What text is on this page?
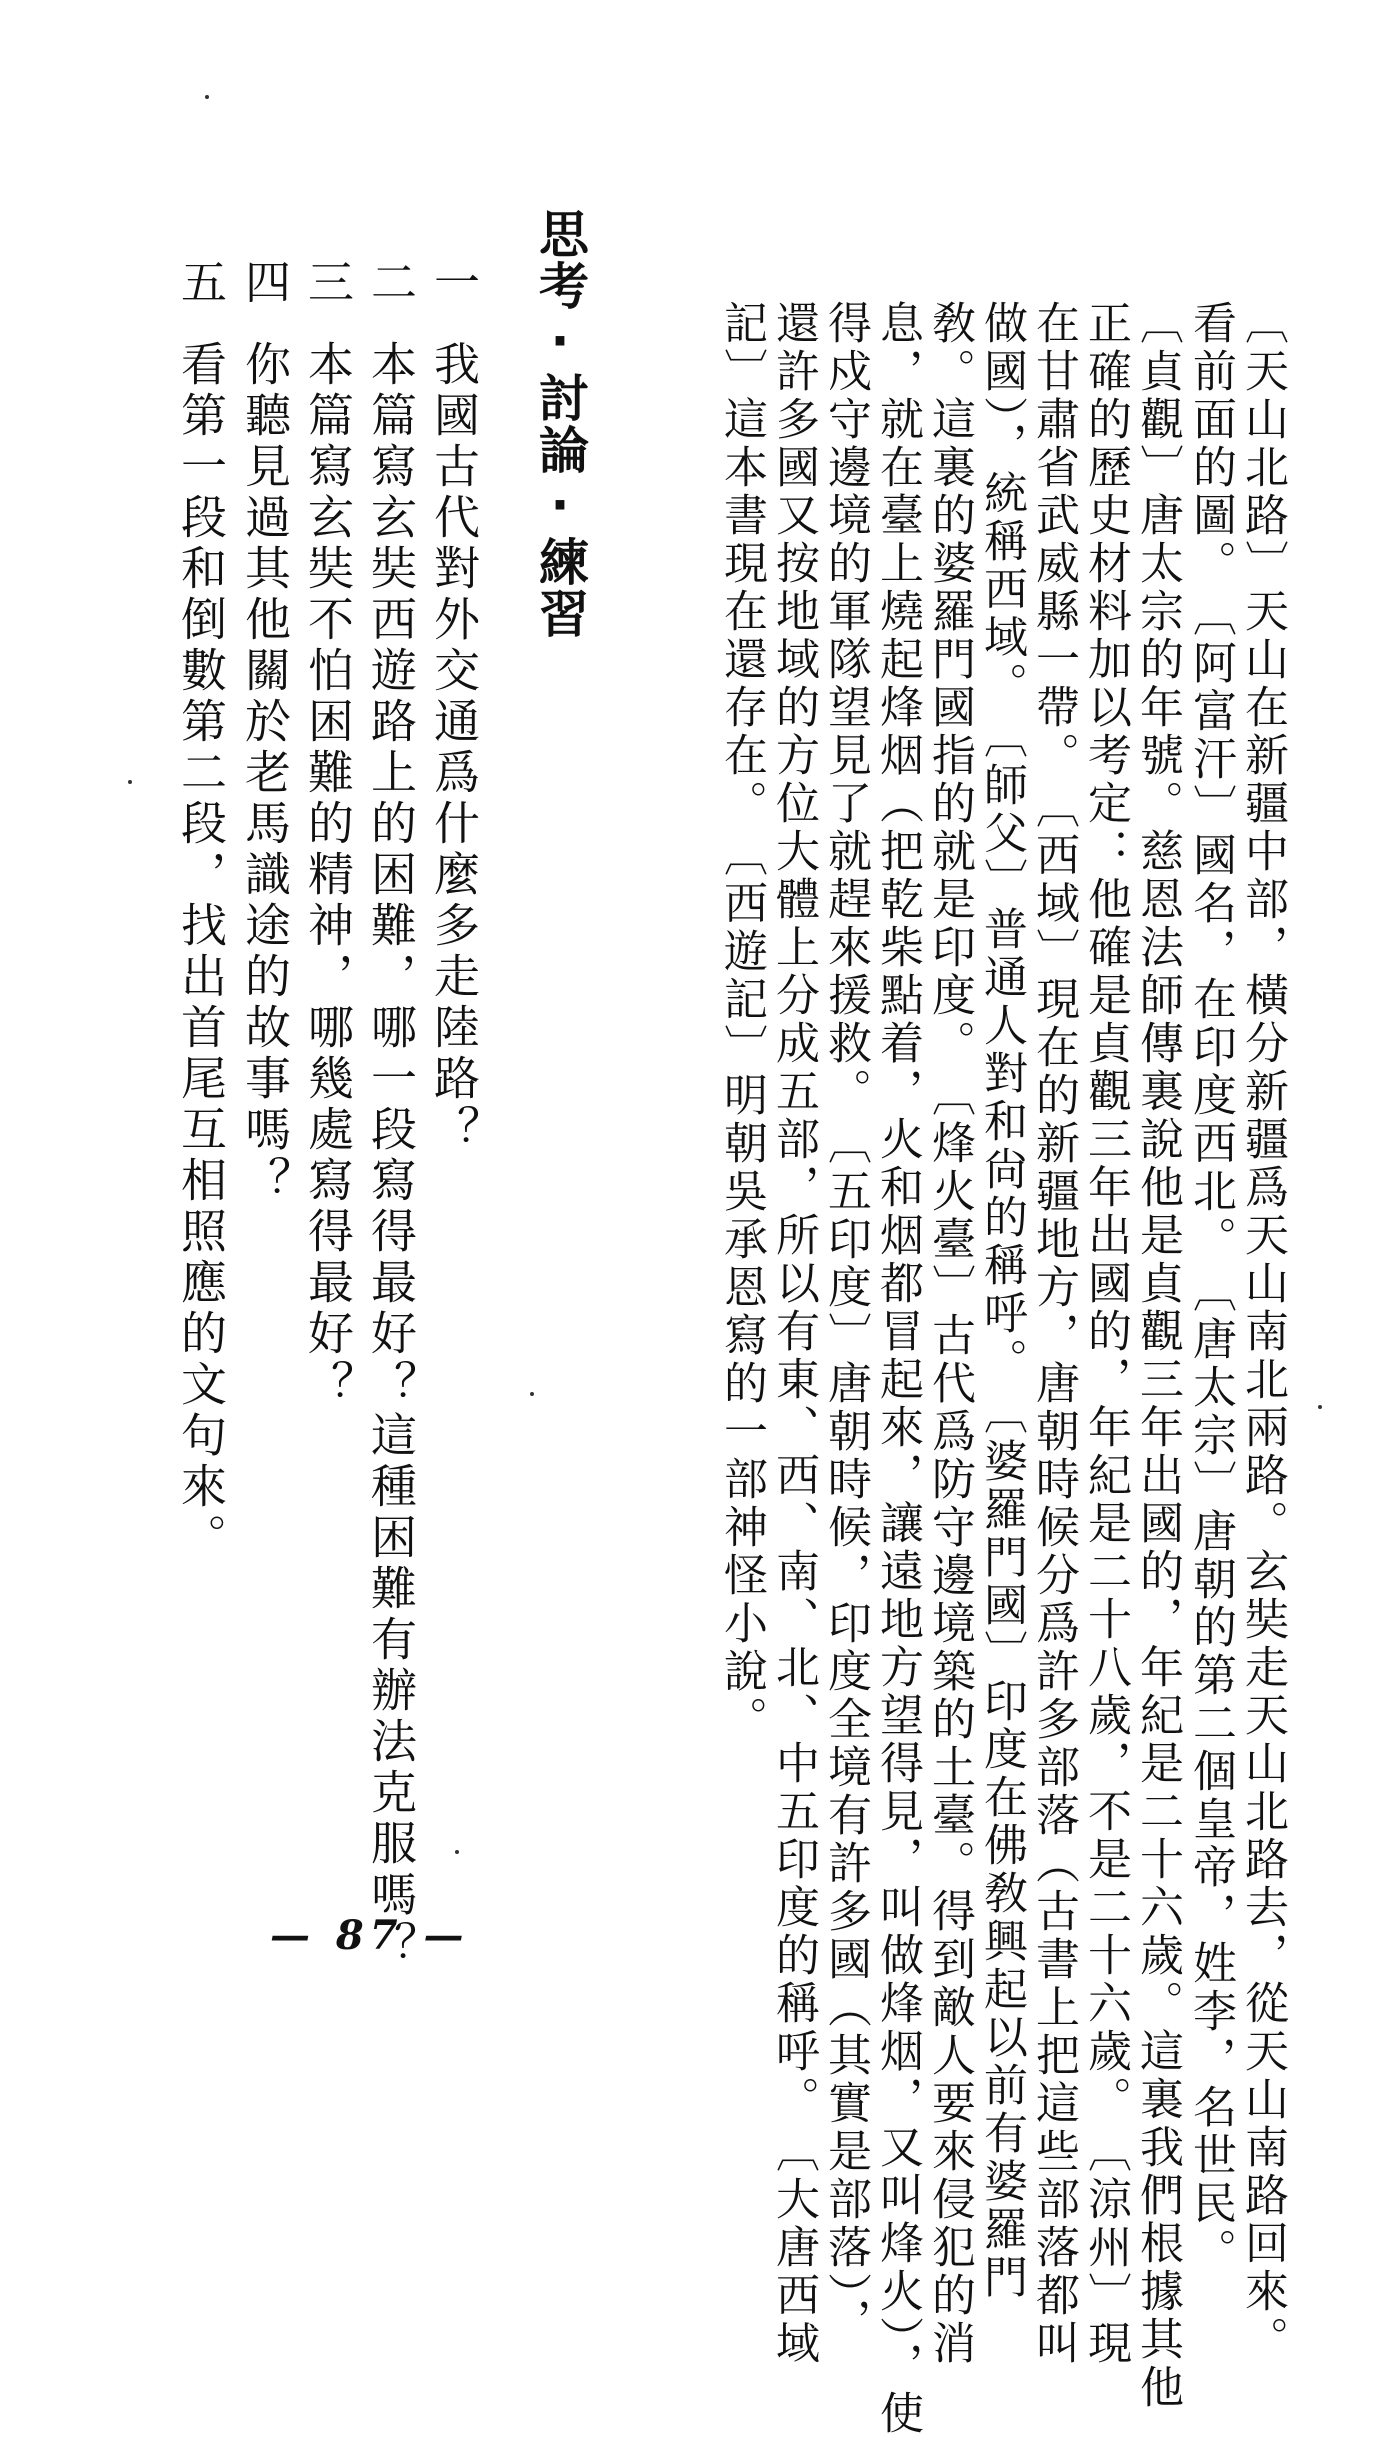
〔天山北路〕天山在新疆中部，橫分新疆爲天山南北兩路。玄奘走天山北路去，從天山南路回來。
看前面的圖。　〔阿富汗〕國名，在印度西北。　〔唐太宗〕唐朝的第二個皇帝，姓李，名世民。
〔貞觀〕唐太宗的年號。慈恩法師傳裏說他是貞觀三年出國的，年紀是二十六歲。這裏我們根據其他
正確的歷史材料加以考定：他確是貞觀三年出國的，年紀是二十八歲，不是二十六歲。　〔涼州〕現
在甘肅省武威縣一帶。　〔西域〕現在的新疆地方，唐朝時候分爲許多部落（古書上把這些部落都叫
做國），統稱西域。　〔師父〕普通人對和尙的稱呼。　〔婆羅門國〕印度在佛敎興起以前有婆羅門
敎。這裏的婆羅門國指的就是印度。　〔烽火臺〕古代爲防守邊境築的土臺。得到敵人要來侵犯的消
息，就在臺上燒起烽烟（把乾柴點着，火和烟都冒起來，讓遠地方望得見，叫做烽烟，又叫烽火），使
得戍守邊境的軍隊望見了就趕來援救。　〔五印度〕唐朝時候，印度全境有許多國（其實是部落），
還許多國又按地域的方位大體上分成五部，所以有東、西、南、北、中五印度的稱呼。　〔大唐西域
記〕這本書現在還存在。　〔西遊記〕明朝吳承恩寫的一部神怪小說。
思考·討論·練習
一
我國古代對外交通爲什麼多走陸路？
二
本篇寫玄奘西遊路上的困難，哪一段寫得最好？這種困難有辦法克服嗎？
三
本篇寫玄奘不怕困難的精神，哪幾處寫得最好？
四
你聽見過其他關於老馬識途的故事嗎？
五
看第一段和倒數第二段，找出首尾互相照應的文句來。
— 87 —
